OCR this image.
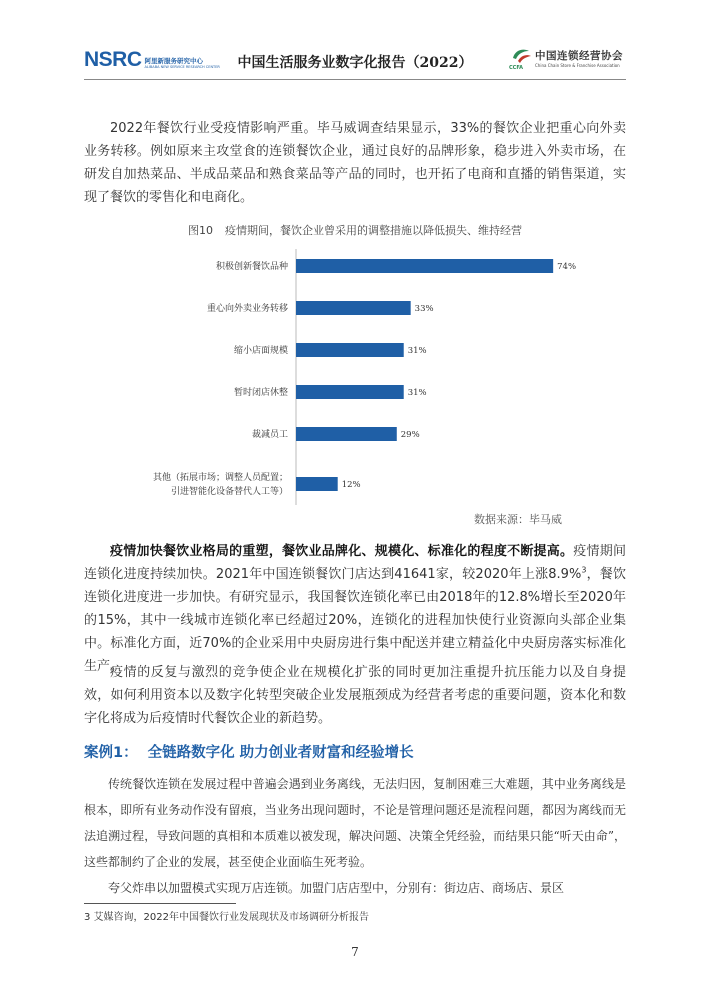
NSRC 阿里新服务研究中心
ALIBABA NEW SERVICE RESEARCH CENTER	中国生活服务业数字化报告（2022）	CCFA
中国连锁经营协会
China Chain Store & Franchise Association

2022年餐饮行业受疫情影响严重。毕马威调查结果显示，33%的餐饮企业把重心向外卖业务转移。例如原来主攻堂食的连锁餐饮企业，通过良好的品牌形象，稳步进入外卖市场，在研发自加热菜品、半成品菜品和熟食菜品等产品的同时，也开拓了电商和直播的销售渠道，实现了餐饮的零售化和电商化。

图10 疫情期间，餐饮企业曾采用的调整措施以降低损失、维持经营
74%
积极创新餐饮品种
33%
重心向外卖业务转移
31%
缩小店面规模
31%
暂时闭店休整
29%
裁减员工
12%
其他（拓展市场；调整人员配置；
引进智能化设备替代人工等）
数据来源：毕马威

疫情加快餐饮业格局的重塑，餐饮业品牌化、规模化、标准化的程度不断提高。疫情期间连锁化进度持续加快。2021年中国连锁餐饮门店达到41641家，较2020年上涨8.9%$^3$，餐饮连锁化进度进一步加快。有研究显示，我国餐饮连锁化率已由2018年的12.8%增长至2020年的15%，其中一线城市连锁化率已经超过20%，连锁化的进程加快使行业资源向头部企业集中。标准化方面，近70%的企业采用中央厨房进行集中配送并建立精益化中央厨房落实标准化生产。

疫情的反复与激烈的竞争使企业在规模化扩张的同时更加注重提升抗压能力以及自身提效，如何利用资本以及数字化转型突破企业发展瓶颈成为经营者考虑的重要问题，资本化和数字化将成为后疫情时代餐饮企业的新趋势。

案例1： 全链路数字化 助力创业者财富和经验增长

传统餐饮连锁在发展过程中普遍会遇到业务离线，无法归因，复制困难三大难题，其中业务离线是根本，即所有业务动作没有留痕，当业务出现问题时，不论是管理问题还是流程问题，都因为离线而无法追溯过程，导致问题的真相和本质难以被发现，解决问题、决策全凭经验，而结果只能“听天由命”，这些都制约了企业的发展，甚至使企业面临生死考验。

夸父炸串以加盟模式实现万店连锁。加盟门店店型中，分别有：街边店、商场店、景区

3 艾媒咨询，2022年中国餐饮行业发展现状及市场调研分析报告
7
